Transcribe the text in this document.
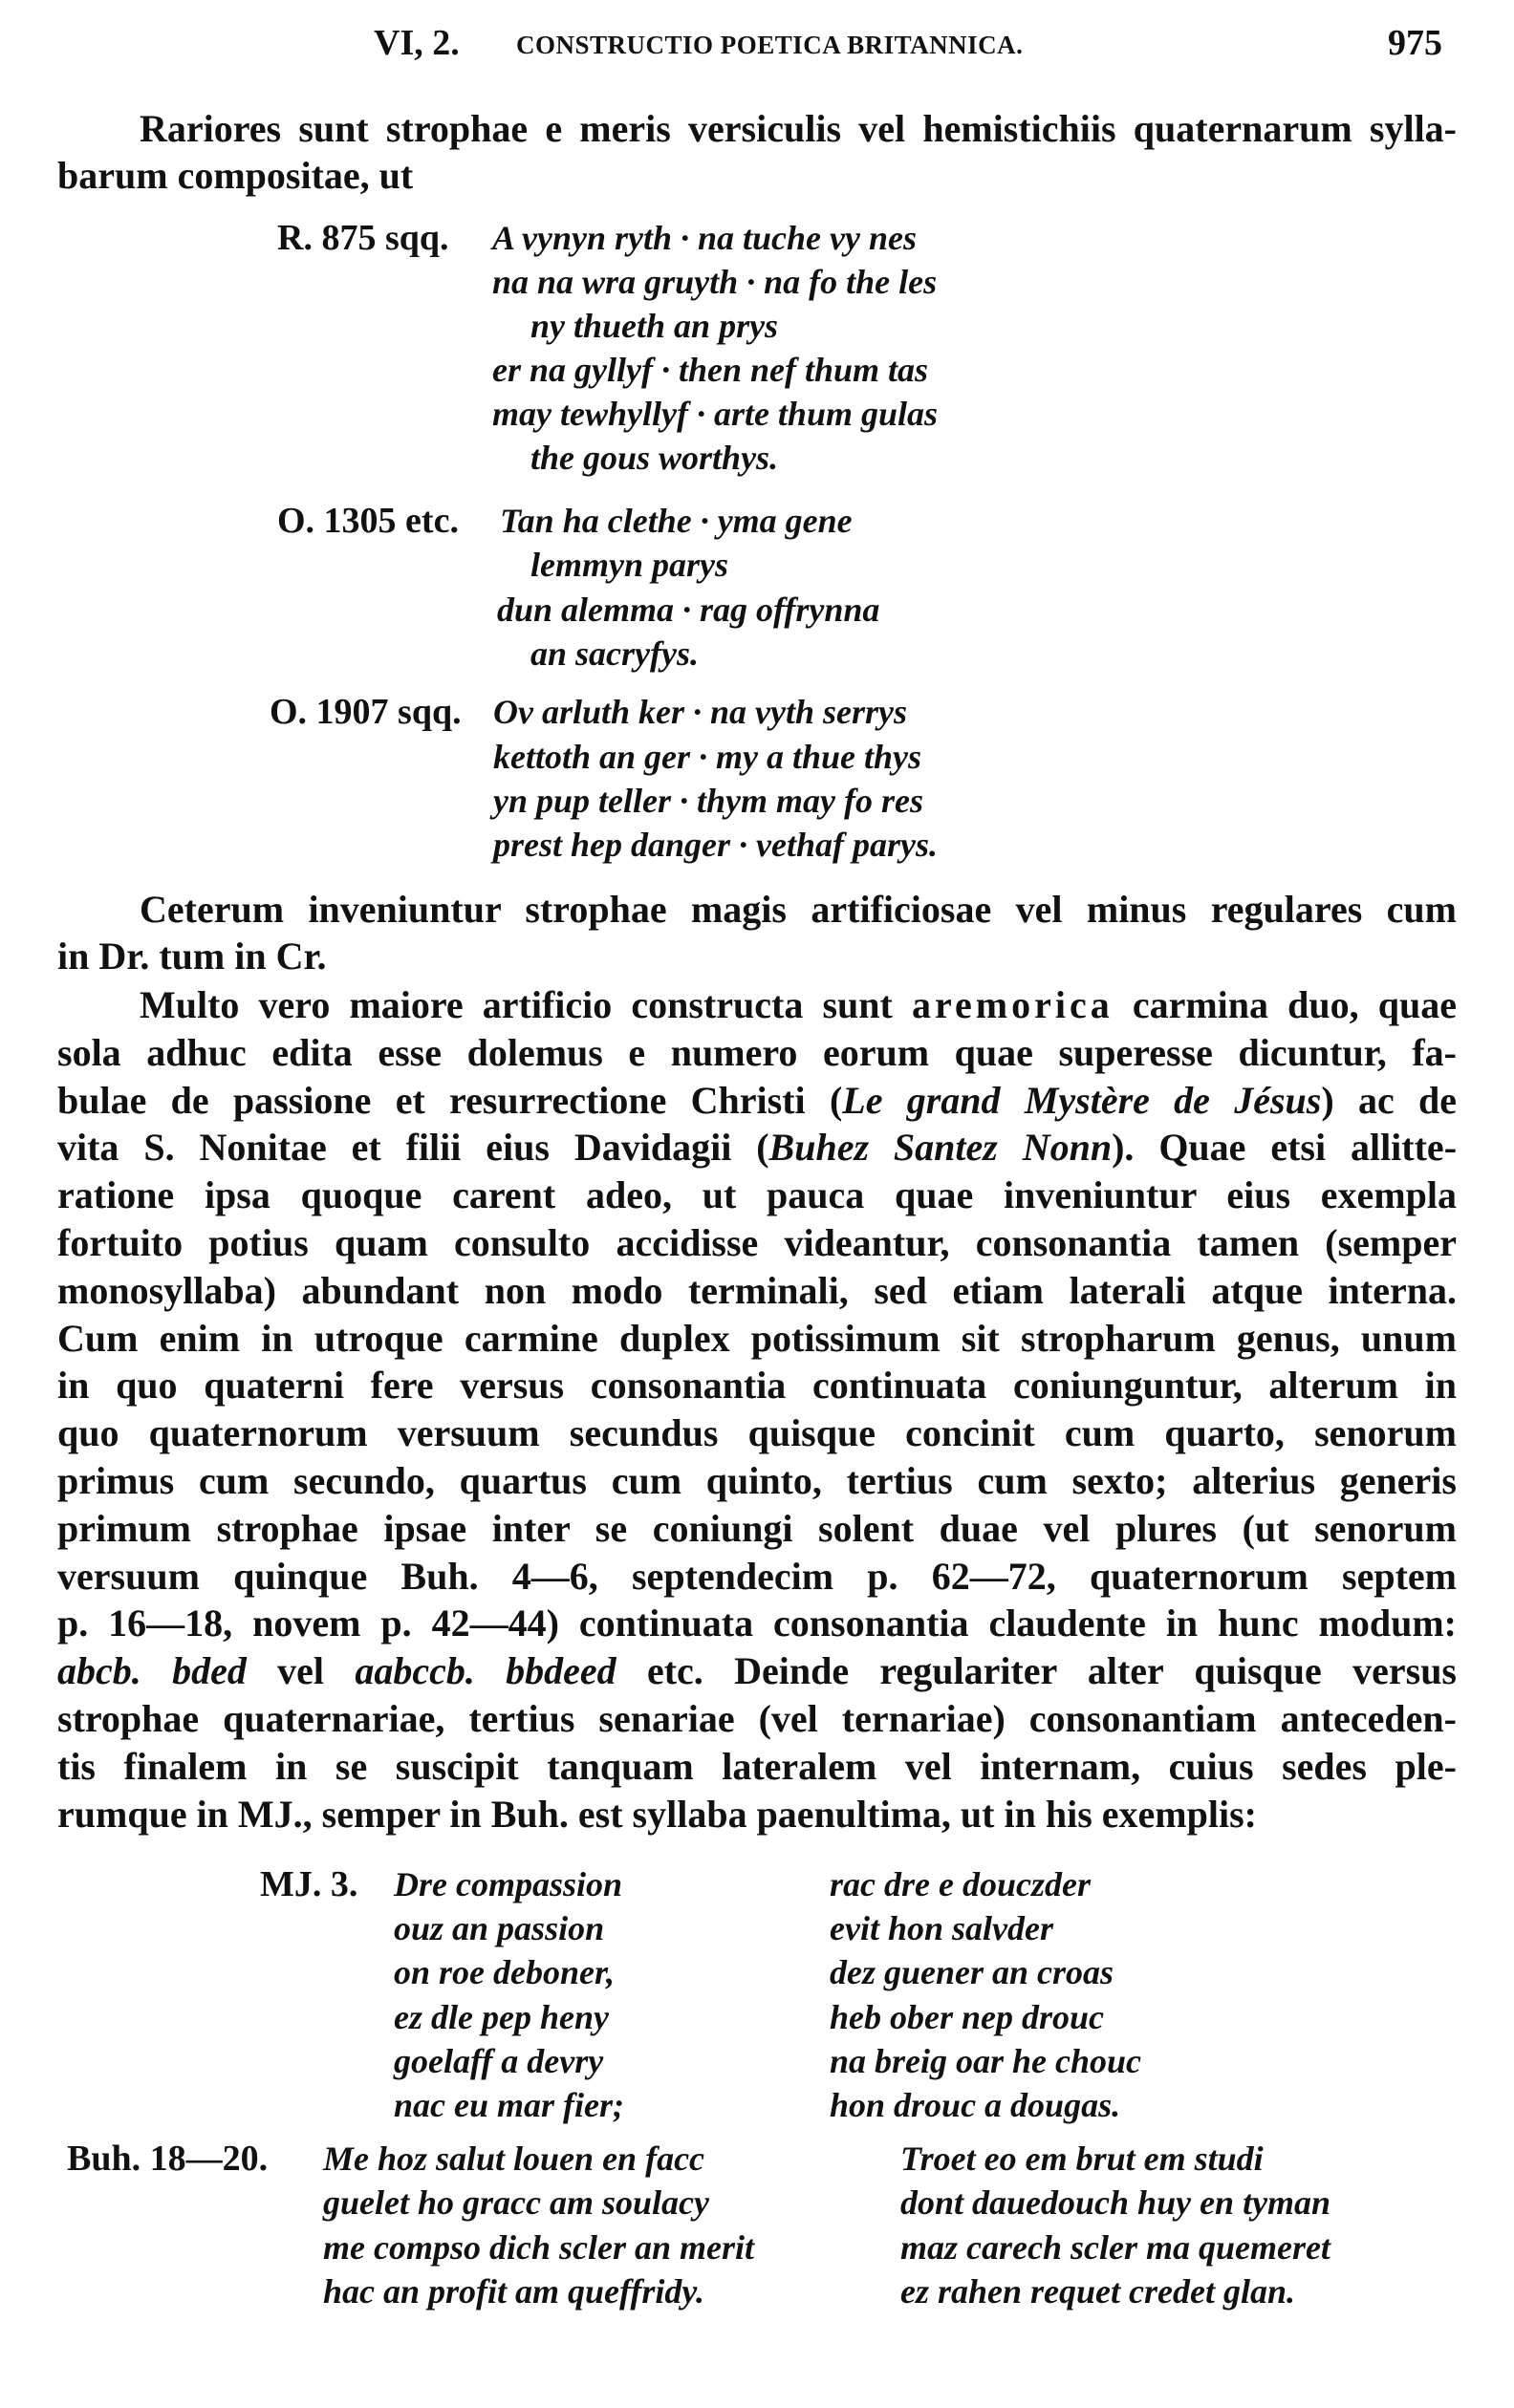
VI, 2. CONSTRUCTIO POETICA BRITANNICA.	975
Rariores sunt strophae e meris versiculis vel hemistichiis quaternarum sylla-
barum compositae, ut
Ceterum inveniuntur strophae magis artificiosae vel minus regulares cum
in Dr. tum in Cr.
Multo vero maiore artificio constructa sunt aremorica carmina duo, quae
sola adhuc edita esse dolemus e numero eorum quae superesse dicuntur, fa-
bulae de passione et resurrectione Christi (Le grand Mystère de Jésus) ac de
vita S. Nonitae et filii eius Davidagii (Buhez Santez Nonn). Quae etsi allitte-
ratione ipsa quoque carent adeo, ut pauca quae inveniuntur eius exempla
fortuito potius quam consulto accidisse videantur, consonantia tamen (semper
monosyllaba) abundant non modo terminali, sed etiam laterali atque interna.
Cum enim in utroque carmine duplex potissimum sit stropharum genus, unum
in quo quaterni fere versus consonantia continuata coniunguntur, alterum in
quo quaternorum versuum secundus quisque concinit cum quarto, senorum
primus cum secundo, quartus cum quinto, tertius cum sexto; alterius generis
primum strophae ipsae inter se coniungi solent duae vel plures (ut senorum
versuum quinque Buh. 4—6, septendecim p. 62—72, quaternorum septem
p. 16—18, novem p. 42—44) continuata consonantia claudente in hunc modum:
abcb. bded vel aabccb. bbdeed etc. Deinde regulariter alter quisque versus
strophae quaternariae, tertius senariae (vel ternariae) consonantiam anteceden-
tis finalem in se suscipit tanquam lateralem vel internam, cuius sedes ple-
rumque in MJ., semper in Buh. est syllaba paenultima, ut in his exemplis:
R. 875 sqq. A vynyn ryth · na tuche vy nes
na na wra gruyth · na fo the les
ny thueth an prys
er na gyllyf · then nef thum tas
may tewhyllyf · arte thum gulas
the gous worthys.
O. 1305 etc. Tan ha clethe · yma gene
lemmyn parys
dun alemma · rag offrynna
an sacryfys.
O. 1907 sqq. Ov arluth ker · na vyth serrys
kettoth an ger · my a thue thys
yn pup teller · thym may fo res
prest hep danger · vethaf parys.
MJ. 3. Dre compassion
ouz an passion
on roe deboner,
ez dle pep heny
goelaff a devry
nac eu mar fier;
rac dre e douczder
evit hon salvder
dez guener an croas
heb ober nep drouc
na breig oar he chouc
hon drouc a dougas.
Buh. 18—20. Me hoz salut louen en facc
guelet ho gracc am soulacy
me compso dich scler an merit
hac an profit am queffridy.
Troet eo em brut em studi
dont dauedouch huy en tyman
maz carech scler ma quemeret
ez rahen requet credet glan.
